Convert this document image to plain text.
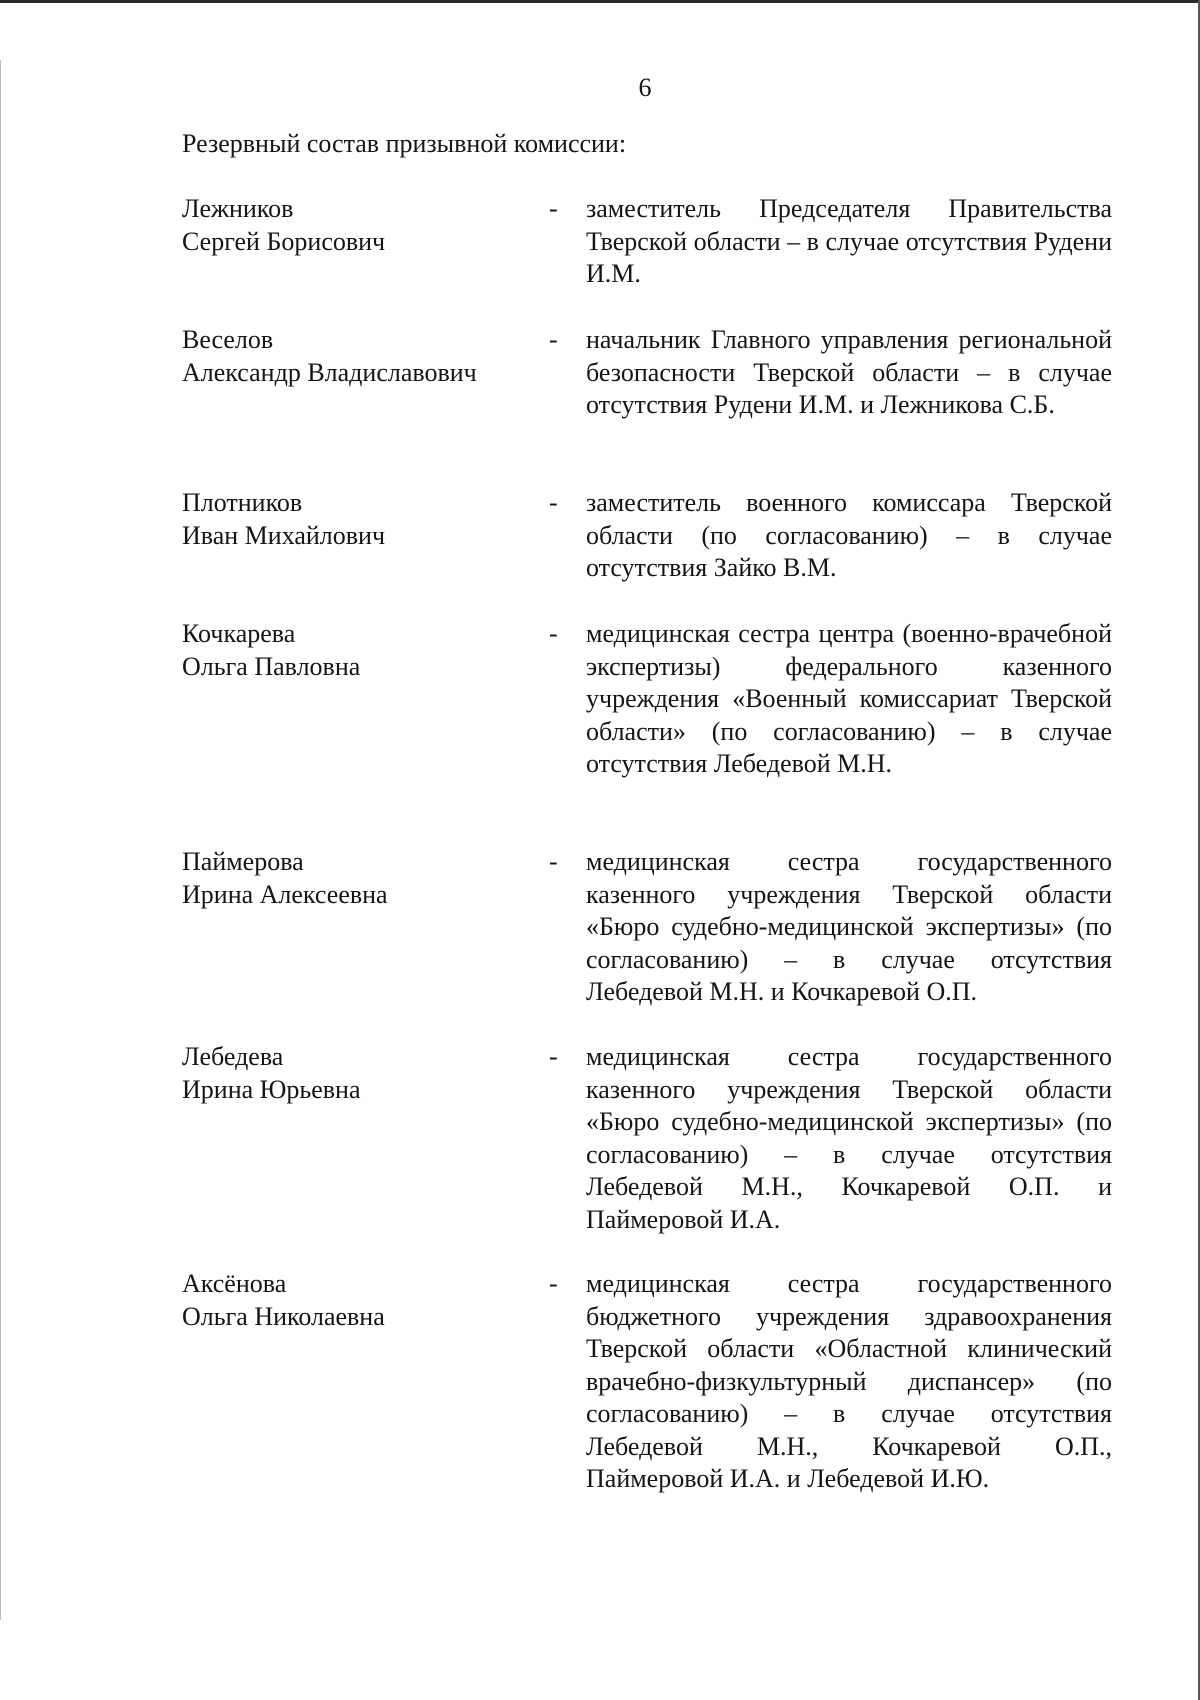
6
Резервный состав призывной комиссии:
Лежников
Сергей Борисович
- заместитель Председателя Правительства Тверской области – в случае отсутствия Рудени И.М.
Веселов
Александр Владиславович
- начальник Главного управления региональной безопасности Тверской области – в случае отсутствия Рудени И.М. и Лежникова С.Б.
Плотников
Иван Михайлович
- заместитель военного комиссара Тверской области (по согласованию) – в случае отсутствия Зайко В.М.
Кочкарева
Ольга Павловна
- медицинская сестра центра (военно-врачебной экспертизы) федерального казенного учреждения «Военный комиссариат Тверской области» (по согласованию) – в случае отсутствия Лебедевой М.Н.
Паймерова
Ирина Алексеевна
- медицинская сестра государственного казенного учреждения Тверской области «Бюро судебно-медицинской экспертизы» (по согласованию) – в случае отсутствия Лебедевой М.Н. и Кочкаревой О.П.
Лебедева
Ирина Юрьевна
- медицинская сестра государственного казенного учреждения Тверской области «Бюро судебно-медицинской экспертизы» (по согласованию) – в случае отсутствия Лебедевой М.Н., Кочкаревой О.П. и Паймеровой И.А.
Аксёнова
Ольга Николаевна
- медицинская сестра государственного бюджетного учреждения здравоохранения Тверской области «Областной клинический врачебно-физкультурный диспансер» (по согласованию) – в случае отсутствия Лебедевой М.Н., Кочкаревой О.П., Паймеровой И.А. и Лебедевой И.Ю.
